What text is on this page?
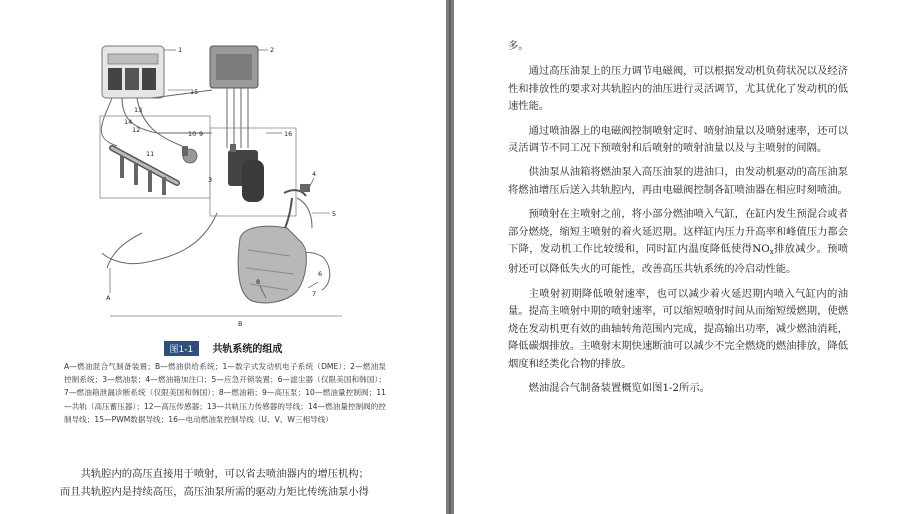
1	2
3
4
5
6
7
8
9
10
11
12
13
14
15
16
A
B
图1-1 共轨系统的组成
A—燃油混合气制备装置；B—燃油供给系统；1—数字式发动机电子系统（DME）；2—燃油泵控制系统；3—燃油泵；4—燃油箱加注口；5—应急开锁装置；6—滤尘器（仅限美国和韩国）；7—燃油箱泄漏诊断系统（仅限美国和韩国）；8—燃油箱；9—高压泵；10—燃油量控制阀；11—共轨（高压蓄压器）；12—高压传感器；13—共轨压力传感器的导线；14—燃油量控制阀的控制导线；15—PWM数据导线；16—电动燃油泵控制导线（U、V、W三相导线）

共轨腔内的高压直接用于喷射，可以省去喷油器内的增压机构；

而且共轨腔内是持续高压，高压油泵所需的驱动力矩比传统油泵小得

多。

通过高压油泵上的压力调节电磁阀，可以根据发动机负荷状况以及经济性和排放性的要求对共轨腔内的油压进行灵活调节，尤其优化了发动机的低速性能。

通过喷油器上的电磁阀控制喷射定时、喷射油量以及喷射速率，还可以灵活调节不同工况下预喷射和后喷射的喷射油量以及与主喷射的间隔。

供油泵从油箱将燃油泵入高压油泵的进油口，由发动机驱动的高压油泵将燃油增压后送入共轨腔内，再由电磁阀控制各缸喷油器在相应时刻喷油。

预喷射在主喷射之前，将小部分燃油喷入气缸，在缸内发生预混合或者部分燃烧，缩短主喷射的着火延迟期。这样缸内压力升高率和峰值压力都会下降，发动机工作比较缓和，同时缸内温度降低使得$NO_x$排放减少。预喷射还可以降低失火的可能性，改善高压共轨系统的冷启动性能。

主喷射初期降低喷射速率，也可以减少着火延迟期内喷入气缸内的油量。提高主喷射中期的喷射速率，可以缩短喷射时间从而缩短缓燃期，使燃烧在发动机更有效的曲轴转角范围内完成，提高输出功率，减少燃油消耗，降低碳烟排放。主喷射末期快速断油可以减少不完全燃烧的燃油排放，降低烟度和经类化合物的排放。

燃油混合气制备装置概览如图1-2所示。
